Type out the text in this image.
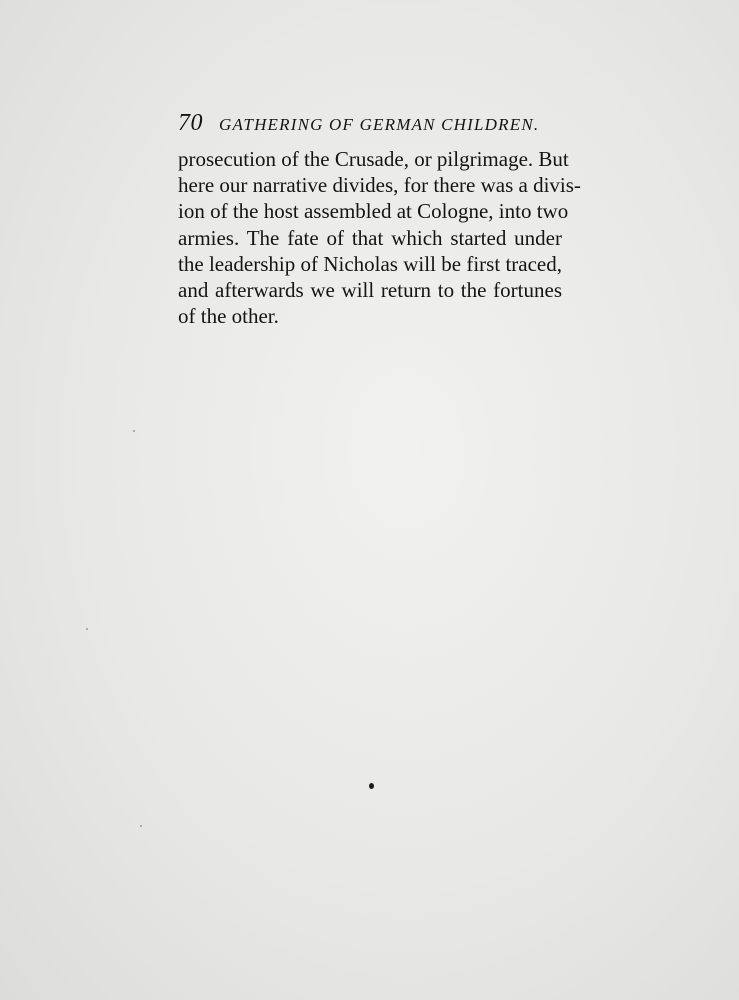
70 GATHERING OF GERMAN CHILDREN.
prosecution of the Crusade, or pilgrimage. But
here our narrative divides, for there was a divis-
ion of the host assembled at Cologne, into two
armies. The fate of that which started under
the leadership of Nicholas will be first traced,
and afterwards we will return to the fortunes
of the other.
